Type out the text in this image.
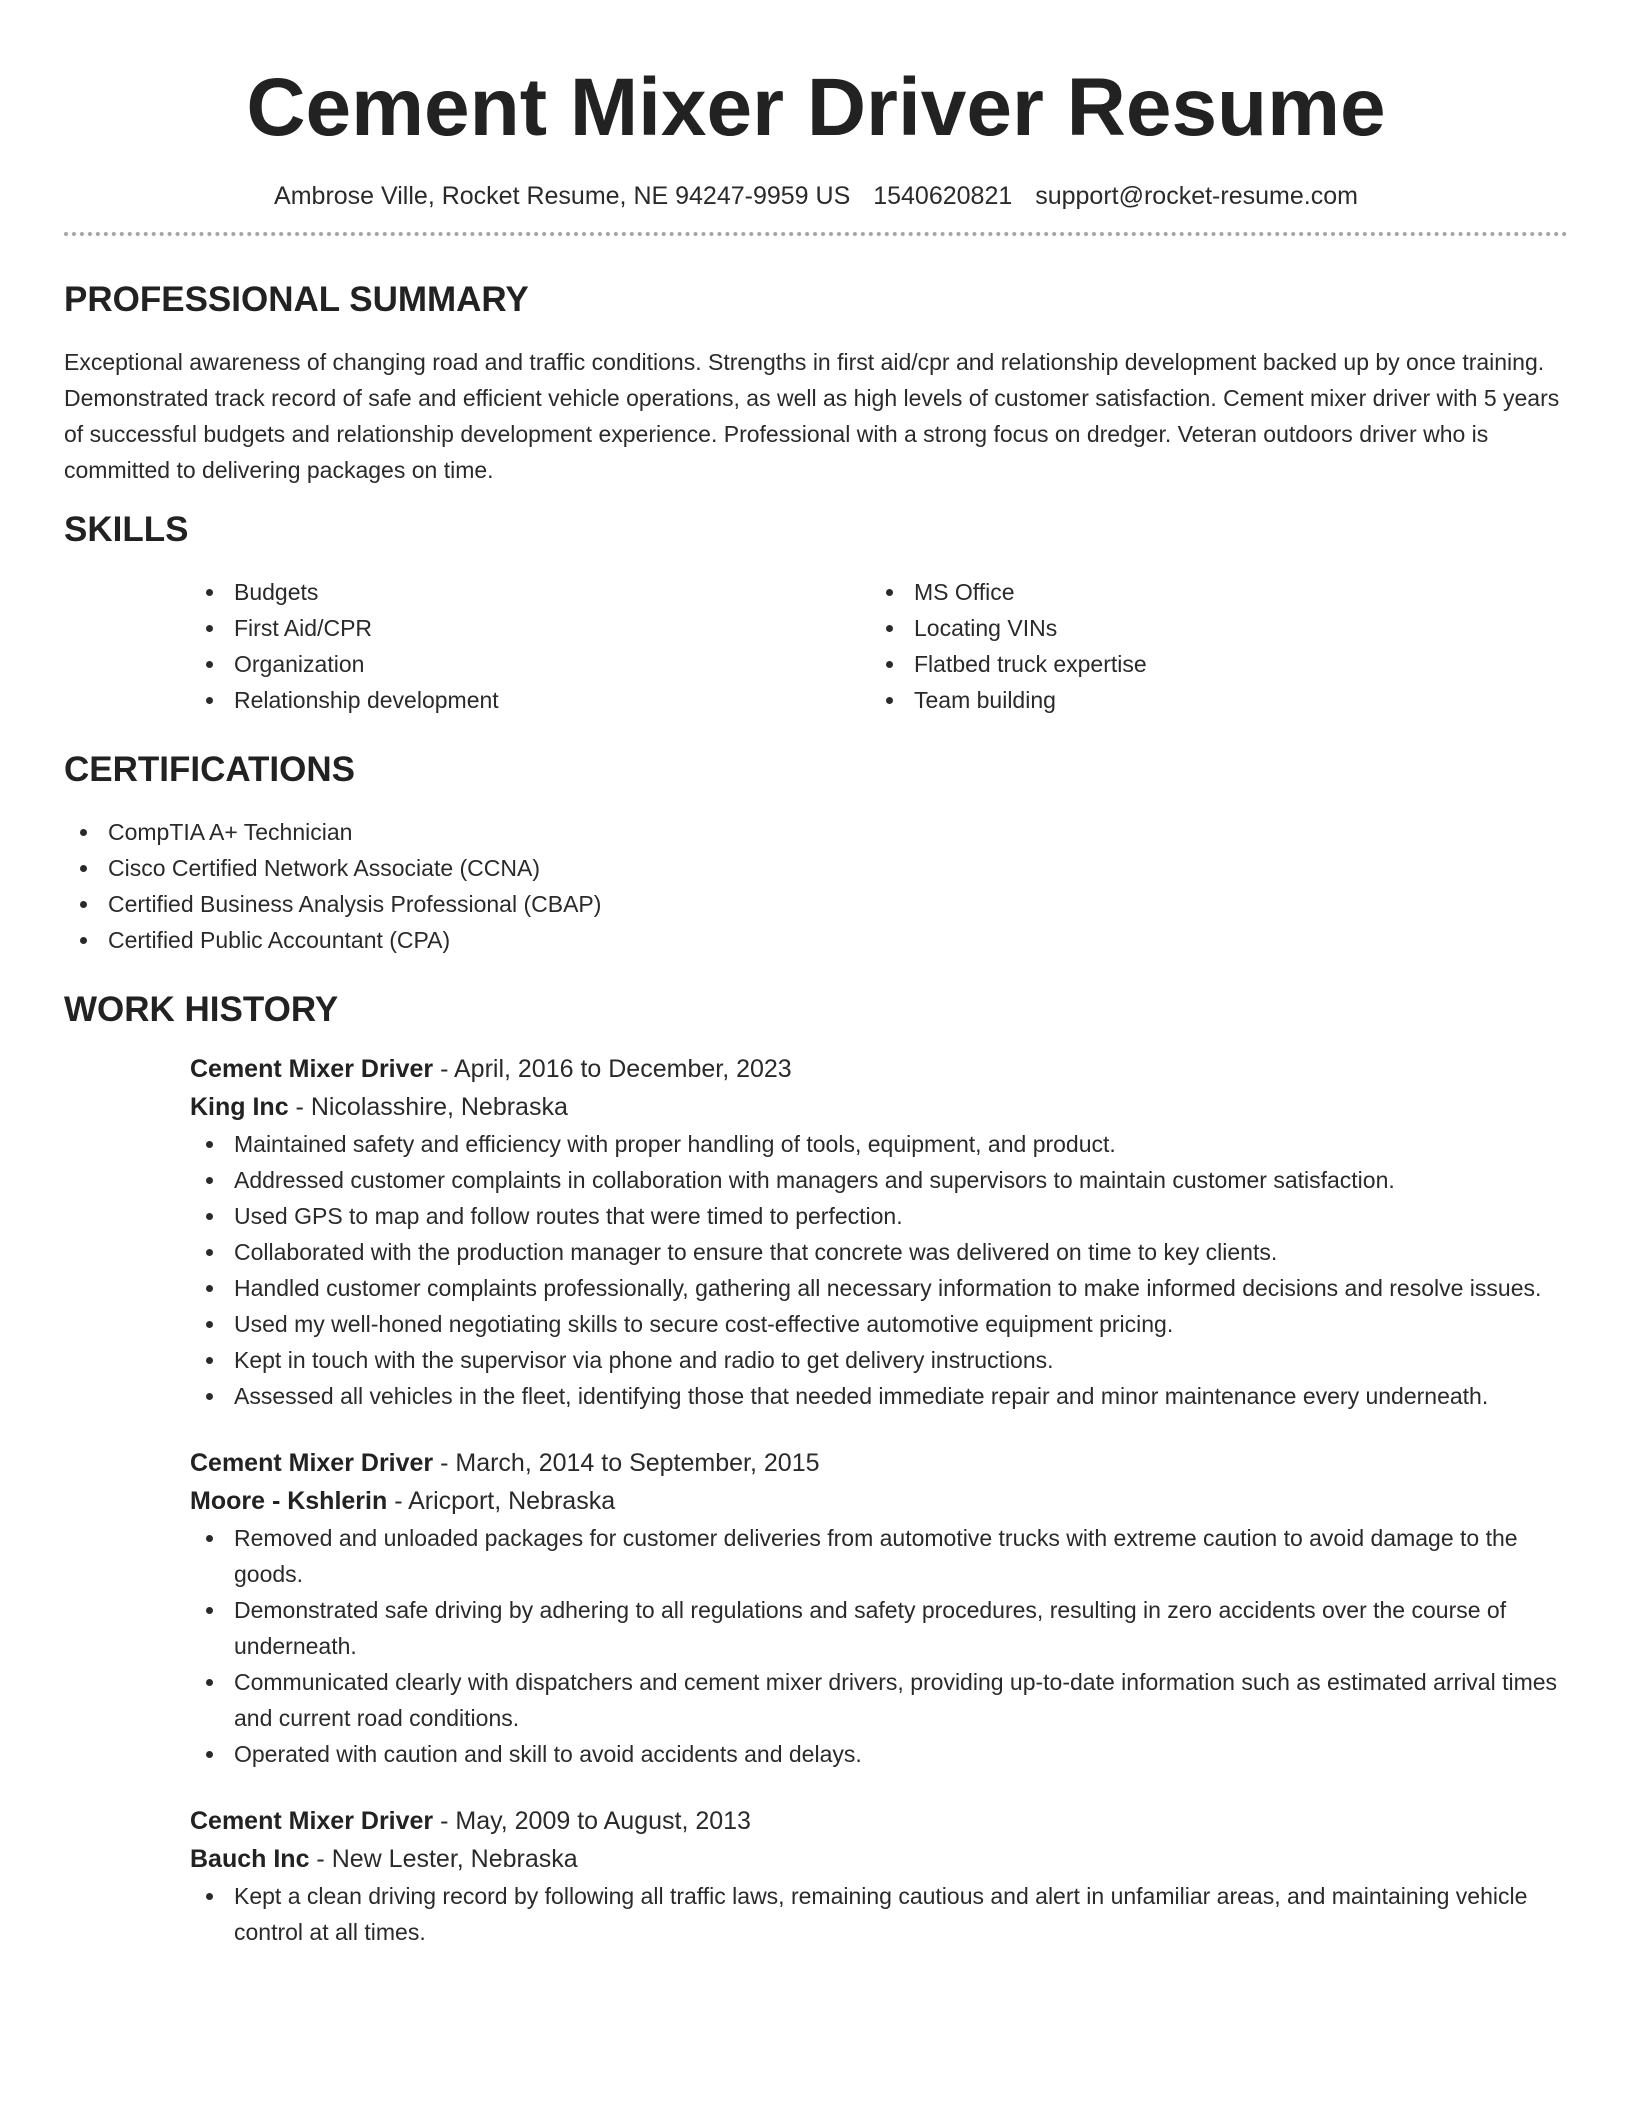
Cement Mixer Driver Resume
Ambrose Ville, Rocket Resume, NE 94247-9959 US 1540620821 support@rocket-resume.com
PROFESSIONAL SUMMARY

Exceptional awareness of changing road and traffic conditions. Strengths in first aid/cpr and relationship development backed up by once training. Demonstrated track record of safe and efficient vehicle operations, as well as high levels of customer satisfaction. Cement mixer driver with 5 years of successful budgets and relationship development experience. Professional with a strong focus on dredger. Veteran outdoors driver who is committed to delivering packages on time.

SKILLS
Budgets
First Aid/CPR
Organization
Relationship development
MS Office
Locating VINs
Flatbed truck expertise
Team building
CERTIFICATIONS
CompTIA A+ Technician
Cisco Certified Network Associate (CCNA)
Certified Business Analysis Professional (CBAP)
Certified Public Accountant (CPA)
WORK HISTORY
Cement Mixer Driver - April, 2016 to December, 2023
King Inc - Nicolasshire, Nebraska
Maintained safety and efficiency with proper handling of tools, equipment, and product.
Addressed customer complaints in collaboration with managers and supervisors to maintain customer satisfaction.
Used GPS to map and follow routes that were timed to perfection.
Collaborated with the production manager to ensure that concrete was delivered on time to key clients.
Handled customer complaints professionally, gathering all necessary information to make informed decisions and resolve issues.
Used my well-honed negotiating skills to secure cost-effective automotive equipment pricing.
Kept in touch with the supervisor via phone and radio to get delivery instructions.
Assessed all vehicles in the fleet, identifying those that needed immediate repair and minor maintenance every underneath.
Cement Mixer Driver - March, 2014 to September, 2015
Moore - Kshlerin - Aricport, Nebraska
Removed and unloaded packages for customer deliveries from automotive trucks with extreme caution to avoid damage to the goods.
Demonstrated safe driving by adhering to all regulations and safety procedures, resulting in zero accidents over the course of underneath.
Communicated clearly with dispatchers and cement mixer drivers, providing up-to-date information such as estimated arrival times and current road conditions.
Operated with caution and skill to avoid accidents and delays.
Cement Mixer Driver - May, 2009 to August, 2013
Bauch Inc - New Lester, Nebraska
Kept a clean driving record by following all traffic laws, remaining cautious and alert in unfamiliar areas, and maintaining vehicle control at all times.
